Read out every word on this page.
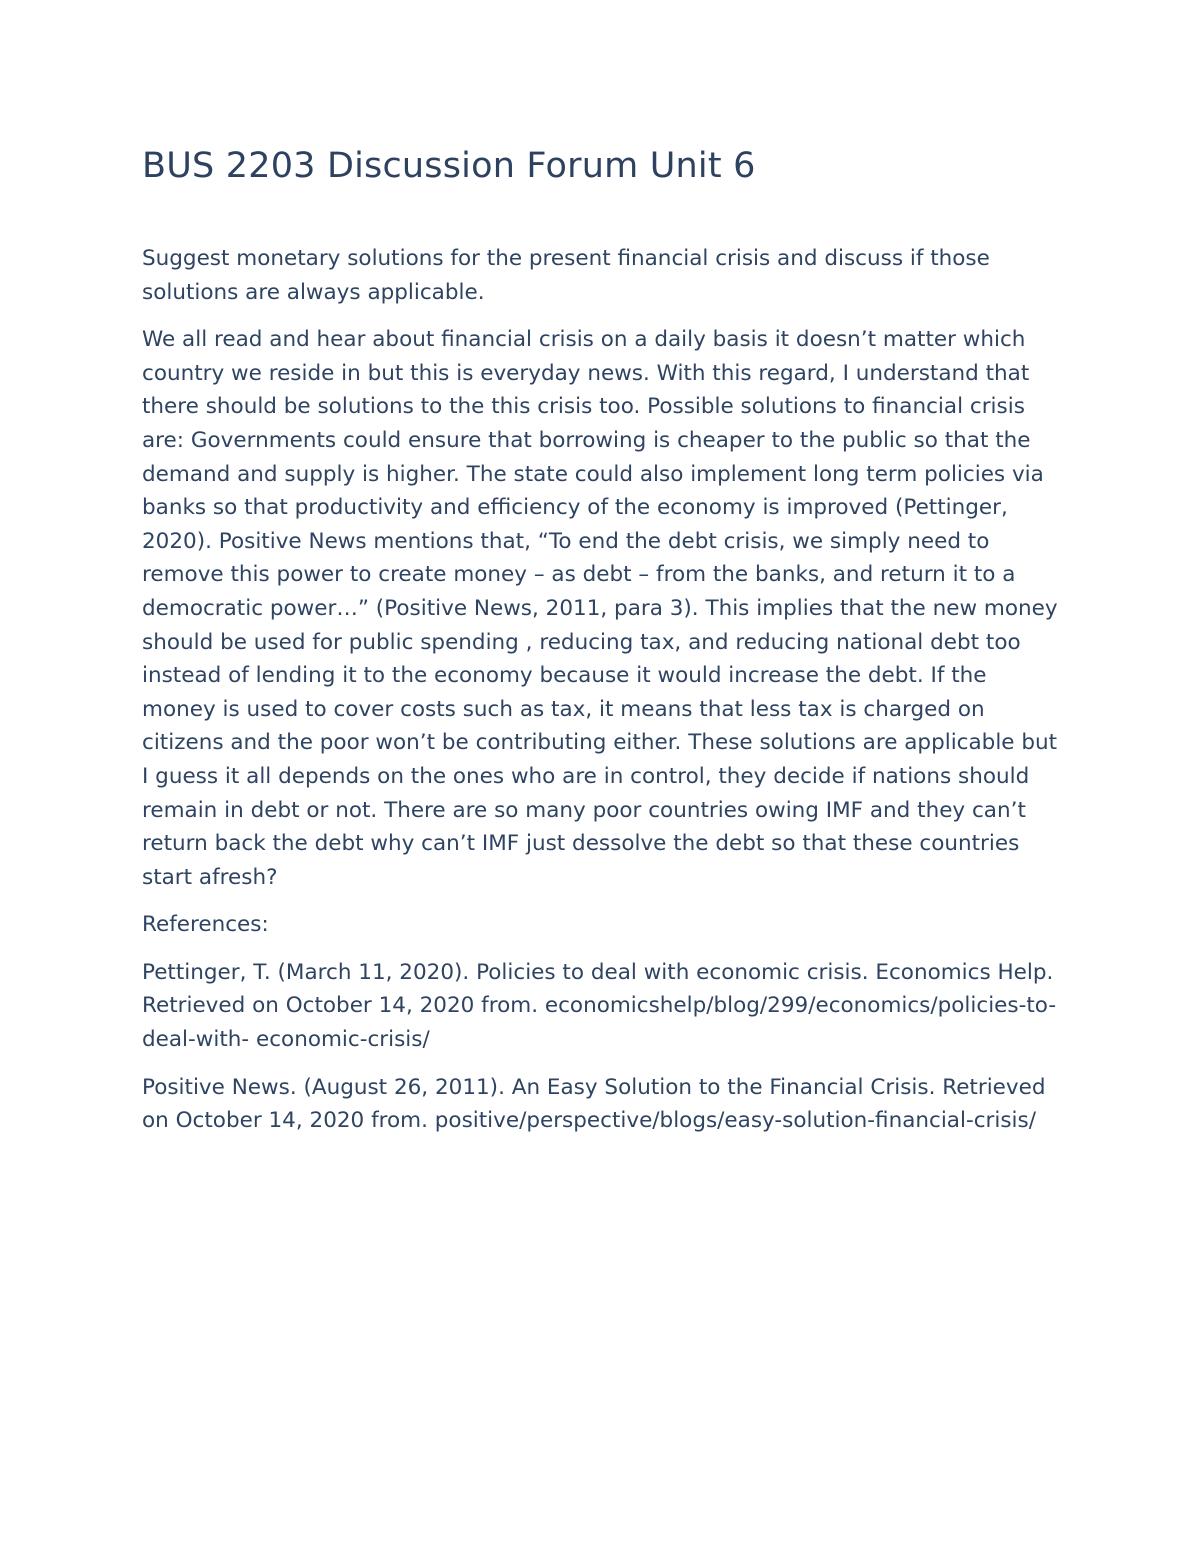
BUS 2203 Discussion Forum Unit 6

Suggest monetary solutions for the present financial crisis and discuss if those solutions are always applicable.

We all read and hear about financial crisis on a daily basis it doesn’t matter which country we reside in but this is everyday news. With this regard, I understand that there should be solutions to the this crisis too. Possible solutions to financial crisis are: Governments could ensure that borrowing is cheaper to the public so that the demand and supply is higher. The state could also implement long term policies via banks so that productivity and efficiency of the economy is improved (Pettinger, 2020). Positive News mentions that, “To end the debt crisis, we simply need to remove this power to create money – as debt – from the banks, and return it to a democratic power…” (Positive News, 2011, para 3). This implies that the new money should be used for public spending , reducing tax, and reducing national debt too instead of lending it to the economy because it would increase the debt. If the money is used to cover costs such as tax, it means that less tax is charged on citizens and the poor won’t be contributing either. These solutions are applicable but I guess it all depends on the ones who are in control, they decide if nations should remain in debt or not. There are so many poor countries owing IMF and they can’t return back the debt why can’t IMF just dessolve the debt so that these countries start afresh?

References:

Pettinger, T. (March 11, 2020). Policies to deal with economic crisis. Economics Help. Retrieved on October 14, 2020 from. economicshelp/blog/299/economics/policies-to-deal-with- economic-crisis/

Positive News. (August 26, 2011). An Easy Solution to the Financial Crisis. Retrieved on October 14, 2020 from. positive/perspective/blogs/easy-solution-financial-crisis/
